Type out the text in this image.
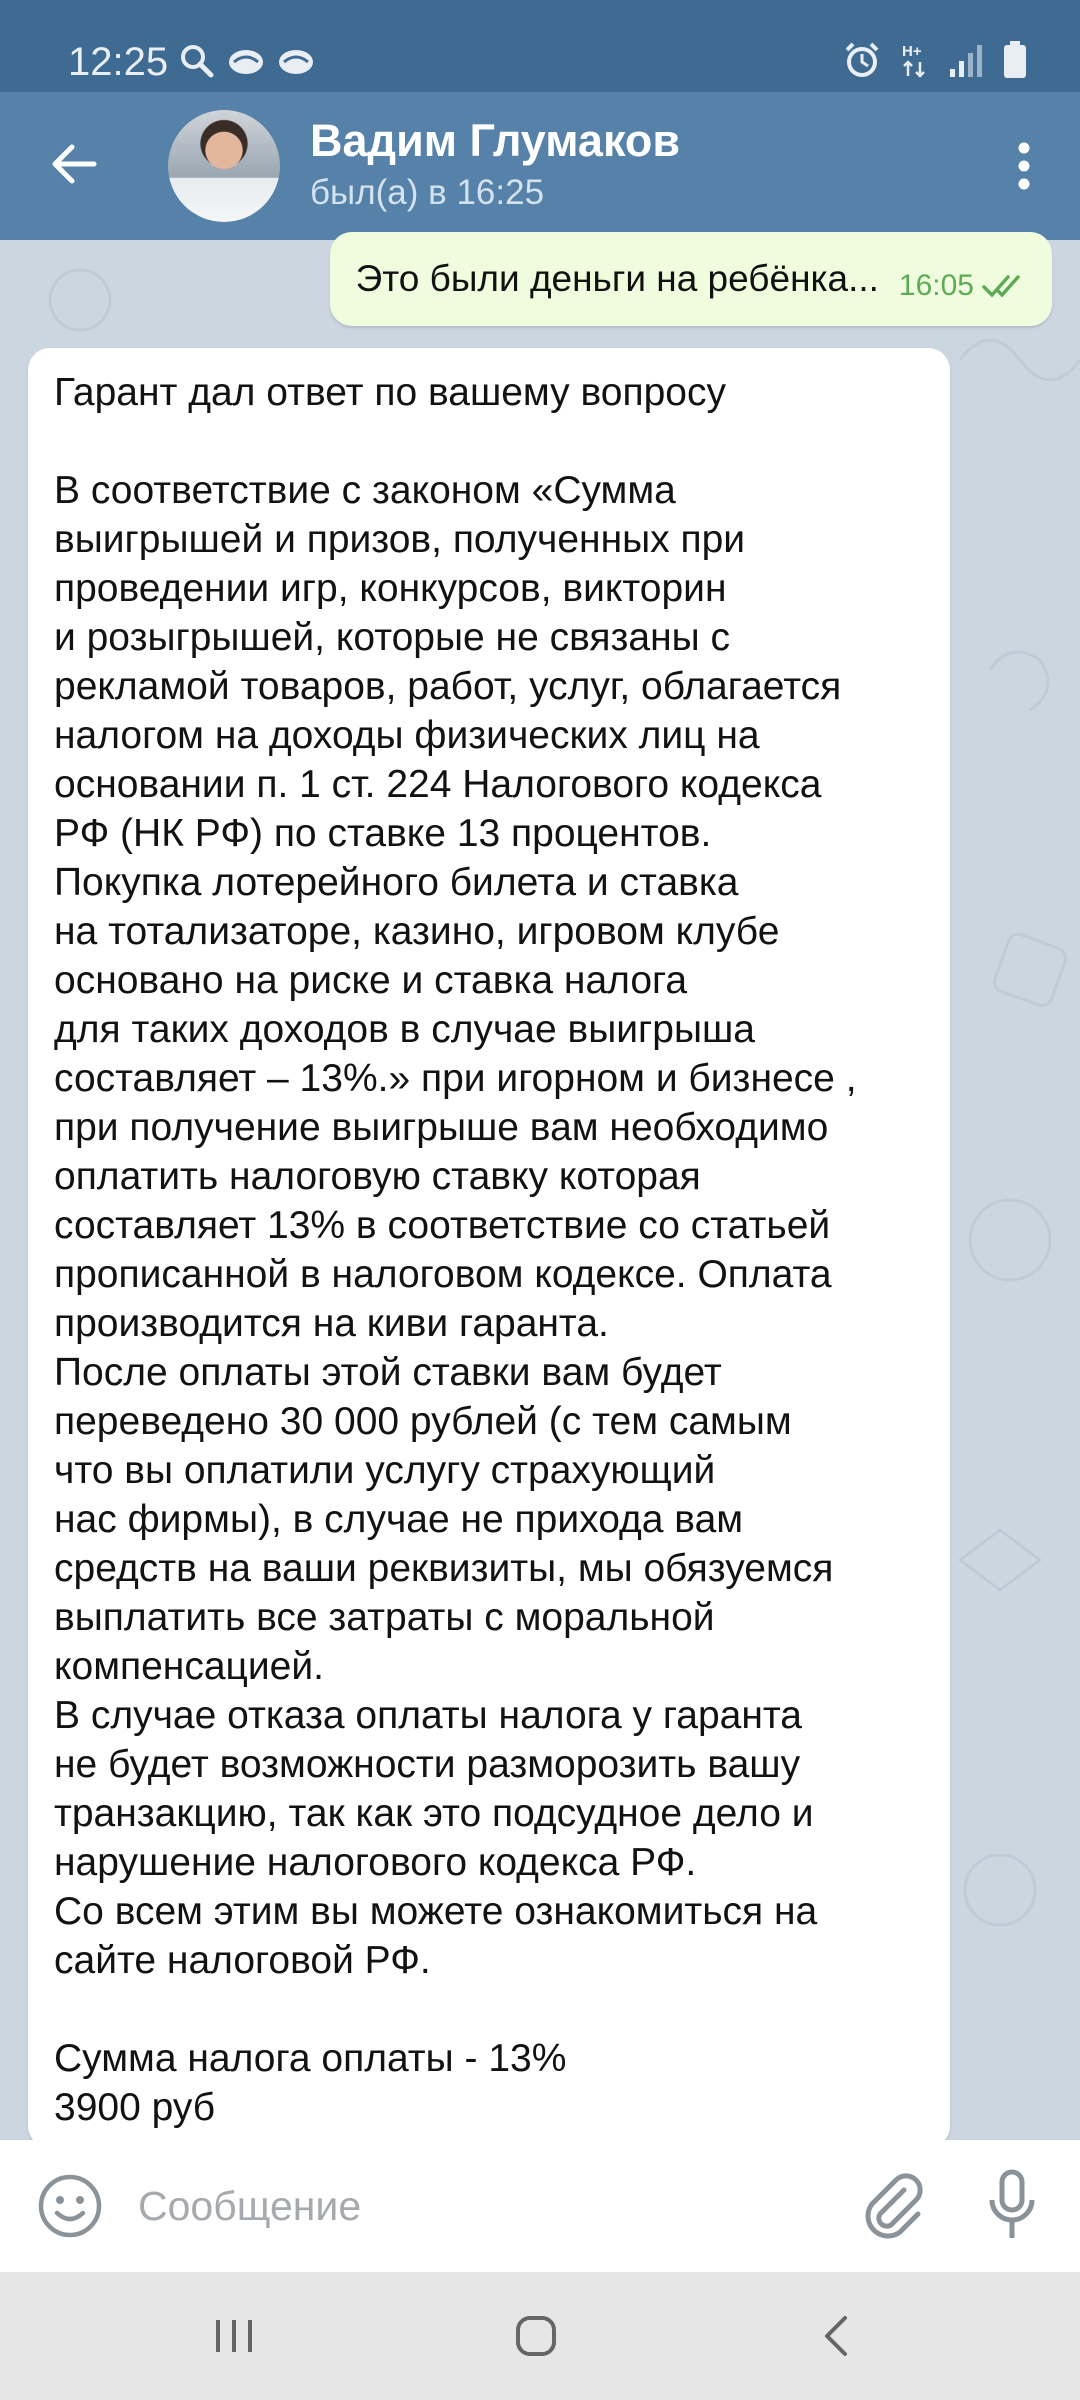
12:25	H+
Вадим Глумаков
был(а) в 16:25
Это были деньги на ребёнка... 16:05
Гарант дал ответ по вашему вопросу

В соответствие с законом «Сумма
выигрышей и призов, полученных при
проведении игр, конкурсов, викторин
и розыгрышей, которые не связаны с
рекламой товаров, работ, услуг, облагается
налогом на доходы физических лиц на
основании п. 1 ст. 224 Налогового кодекса
РФ (НК РФ) по ставке 13 процентов.
Покупка лотерейного билета и ставка
на тотализаторе, казино, игровом клубе
основано на риске и ставка налога
для таких доходов в случае выигрыша
составляет – 13%.» при игорном и бизнесе ,
при получение выигрыше вам необходимо
оплатить налоговую ставку которая
составляет 13% в соответствие со статьей
прописанной в налоговом кодексе. Оплата
производится на киви гаранта.
После оплаты этой ставки вам будет
переведено 30 000 рублей (с тем самым
что вы оплатили услугу страхующий
нас фирмы), в случае не прихода вам
средств на ваши реквизиты, мы обязуемся
выплатить все затраты с моральной
компенсацией.
В случае отказа оплаты налога у гаранта
не будет возможности разморозить вашу
транзакцию, так как это подсудное дело и
нарушение налогового кодекса РФ.
Со всем этим вы можете ознакомиться на
сайте налоговой РФ.

Сумма налога оплаты - 13%
3900 руб
Сообщение
